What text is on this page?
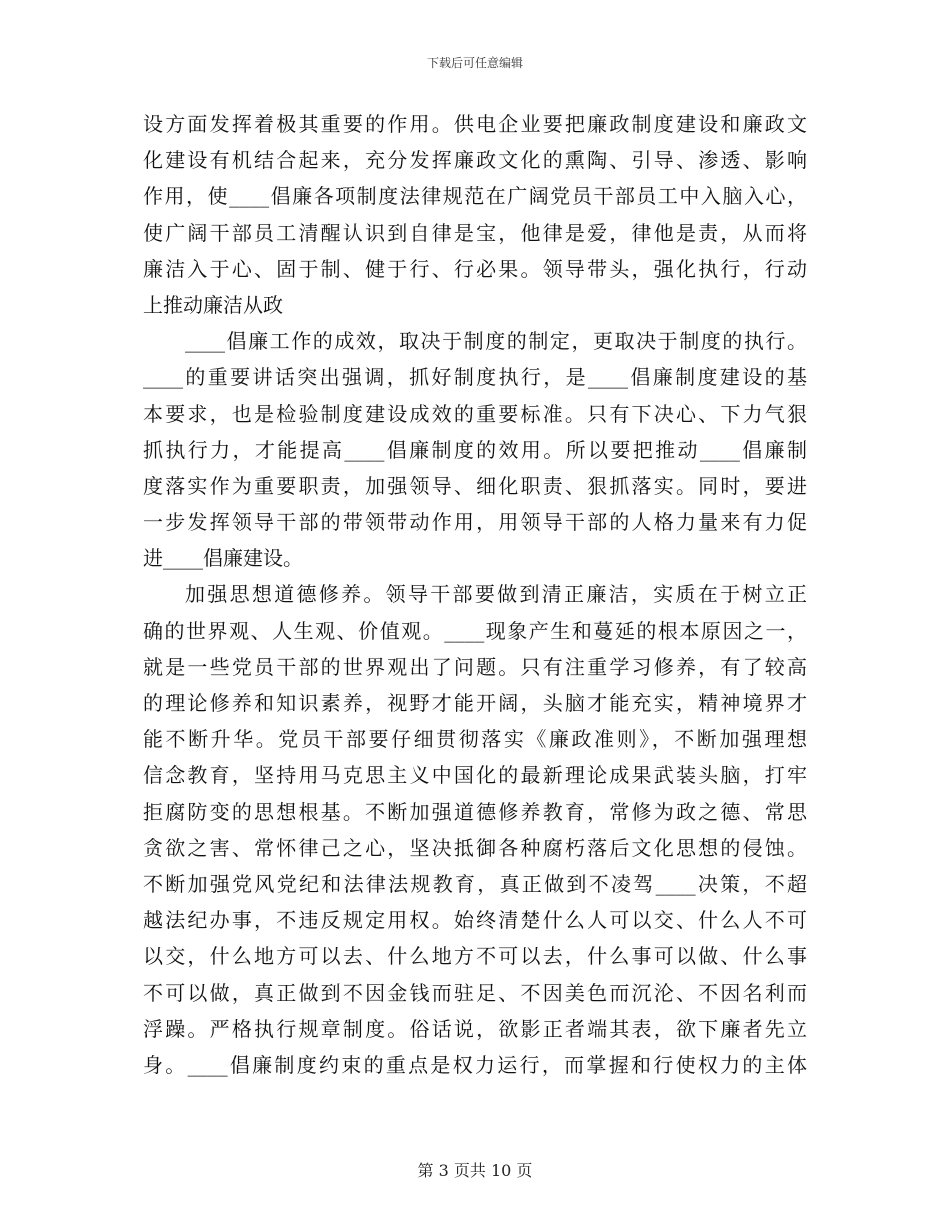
下载后可任意编辑
设方面发挥着极其重要的作用。供电企业要把廉政制度建设和廉政文
化建设有机结合起来，充分发挥廉政文化的熏陶、引导、渗透、影响
作用，使____倡廉各项制度法律规范在广阔党员干部员工中入脑入心，
使广阔干部员工清醒认识到自律是宝，他律是爱，律他是责，从而将
廉洁入于心、固于制、健于行、行必果。领导带头，强化执行，行动
上推动廉洁从政
____倡廉工作的成效，取决于制度的制定，更取决于制度的执行。
____的重要讲话突出强调，抓好制度执行，是____倡廉制度建设的基
本要求，也是检验制度建设成效的重要标准。只有下决心、下力气狠
抓执行力，才能提高____倡廉制度的效用。所以要把推动____倡廉制
度落实作为重要职责，加强领导、细化职责、狠抓落实。同时，要进
一步发挥领导干部的带领带动作用，用领导干部的人格力量来有力促
进____倡廉建设。
加强思想道德修养。领导干部要做到清正廉洁，实质在于树立正
确的世界观、人生观、价值观。____现象产生和蔓延的根本原因之一，
就是一些党员干部的世界观出了问题。只有注重学习修养，有了较高
的理论修养和知识素养，视野才能开阔，头脑才能充实，精神境界才
能不断升华。党员干部要仔细贯彻落实《廉政准则》，不断加强理想
信念教育，坚持用马克思主义中国化的最新理论成果武装头脑，打牢
拒腐防变的思想根基。不断加强道德修养教育，常修为政之德、常思
贪欲之害、常怀律己之心，坚决抵御各种腐朽落后文化思想的侵蚀。
不断加强党风党纪和法律法规教育，真正做到不凌驾____决策，不超
越法纪办事，不违反规定用权。始终清楚什么人可以交、什么人不可
以交，什么地方可以去、什么地方不可以去，什么事可以做、什么事
不可以做，真正做到不因金钱而驻足、不因美色而沉沦、不因名利而
浮躁。严格执行规章制度。俗话说，欲影正者端其表，欲下廉者先立
身。____倡廉制度约束的重点是权力运行，而掌握和行使权力的主体
第 3 页共 10 页
